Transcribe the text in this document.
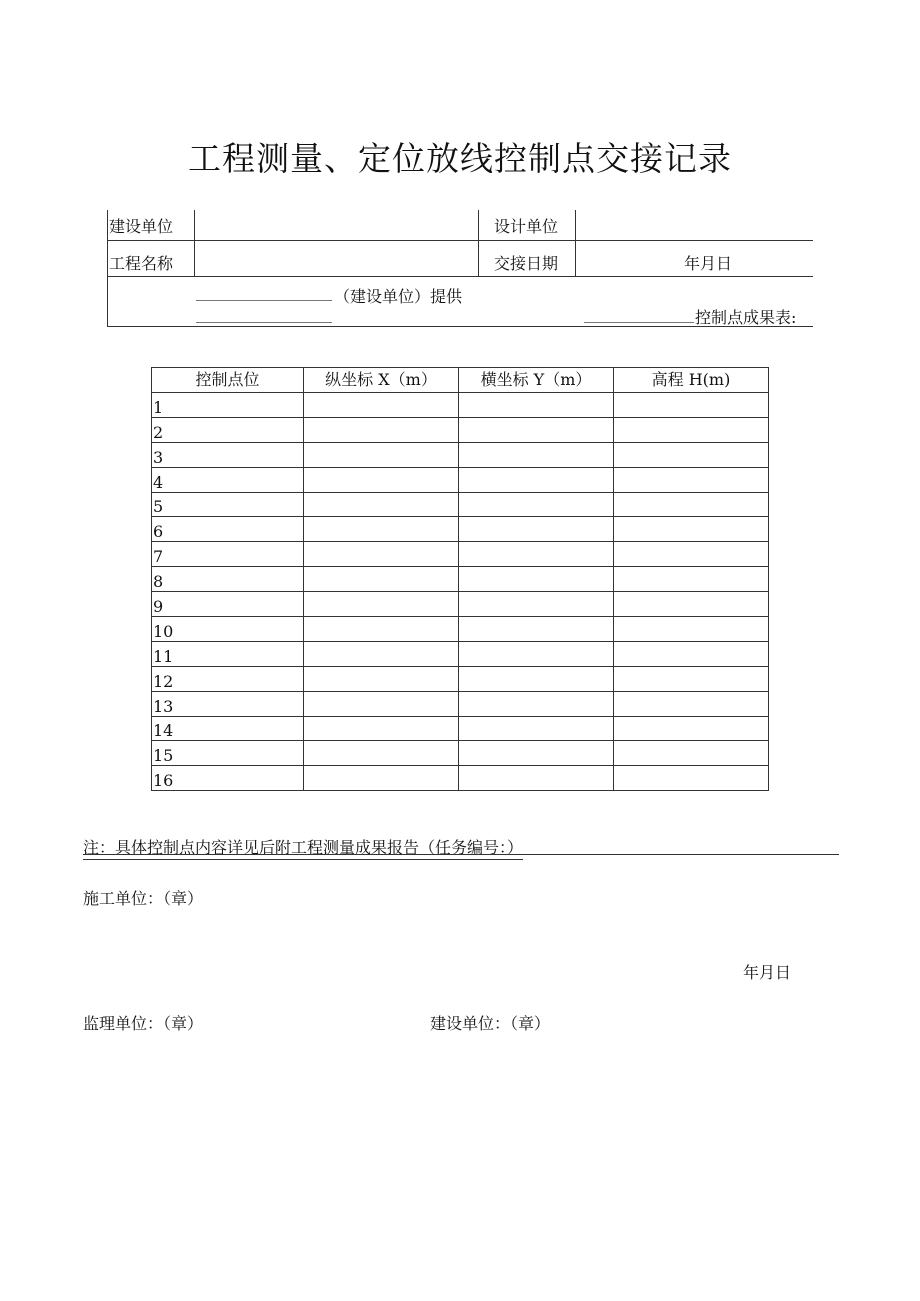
工程测量、定位放线控制点交接记录
建设单位	设计单位
工程名称	交接日期	年月日
（建设单位）提供
控制点成果表:
控制点位	纵坐标 X（m）	横坐标 Y（m）	高程 H(m)
1			
2			
3			
4			
5			
6			
7			
8			
9			
10			
11			
12			
13			
14			
15			
16			
注：具体控制点内容详见后附工程测量成果报告（任务编号：）
施工单位：（章）
年月日
监理单位：（章）	建设单位：（章）
